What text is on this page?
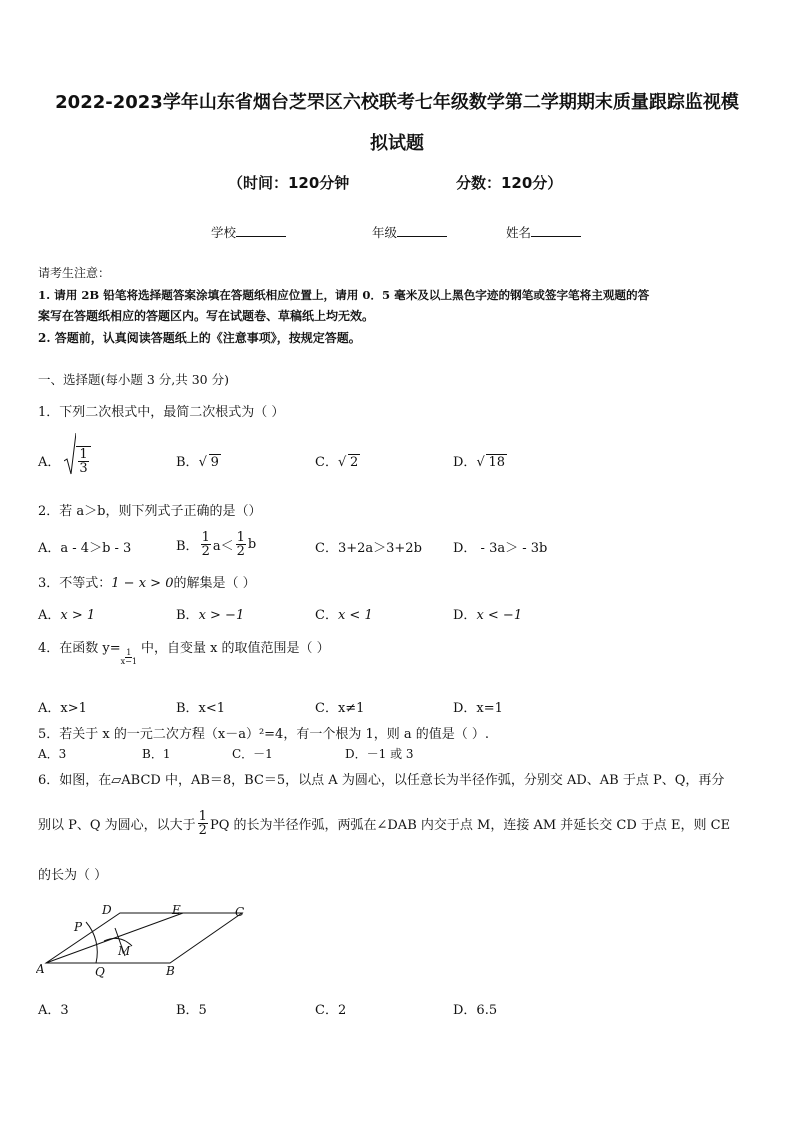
2022-2023学年山东省烟台芝罘区六校联考七年级数学第二学期期末质量跟踪监视模
拟试题
（时间：120分钟	分数：120分）
学校	年级	姓名
请考生注意：
1. 请用 2B 铅笔将选择题答案涂填在答题纸相应位置上，请用 0．5 毫米及以上黑色字迹的钢笔或签字笔将主观题的答
案写在答题纸相应的答题区内。写在试题卷、草稿纸上均无效。
2. 答题前，认真阅读答题纸上的《注意事项》，按规定答题。
一、选择题(每小题 3 分,共 30 分)
1．下列二次根式中，最简二次根式为（ ）
A． $\frac{1}{3}$	B． √ 9	C． √ 2	D． √ 18
2．若 a＞b，则下列式子正确的是（）
A．a - 4＞b - 3	B． $\frac{1}{2} a< \frac{1}{2}$ b	C．3+2a＞3+2b D． - 3a＞ - 3b
3．不等式：1 − x > 0的解集是（ ）
A．x > 1	B．x > −1	C．x < 1	D．x < −1
4．在函数 y=
$\frac{1}{x-1}$
中，自变量 x 的取值范围是（ ）
A．x>1	B．x<1	C．x≠1	D．x=1
5．若关于 x 的一元二次方程（x－a）²=4，有一个根为 1，则 a 的值是（ ）.
A．3	B．1	C．－1	D．－1 或 3
6．如图，在▱ABCD 中，AB＝8，BC＝5，以点 A 为圆心，以任意长为半径作弧，分别交 AD、AB 于点 P、Q，再分
别以 P、Q 为圆心，以大于 $\frac{1}{2}$ PQ 的长为半径作弧，两弧在∠DAB 内交于点 M，连接 AM 并延长交 CD 于点 E，则 CE
的长为（ ）
A	B
C
D	E
P
Q
M
A．3	B．5	C．2	D．6.5
